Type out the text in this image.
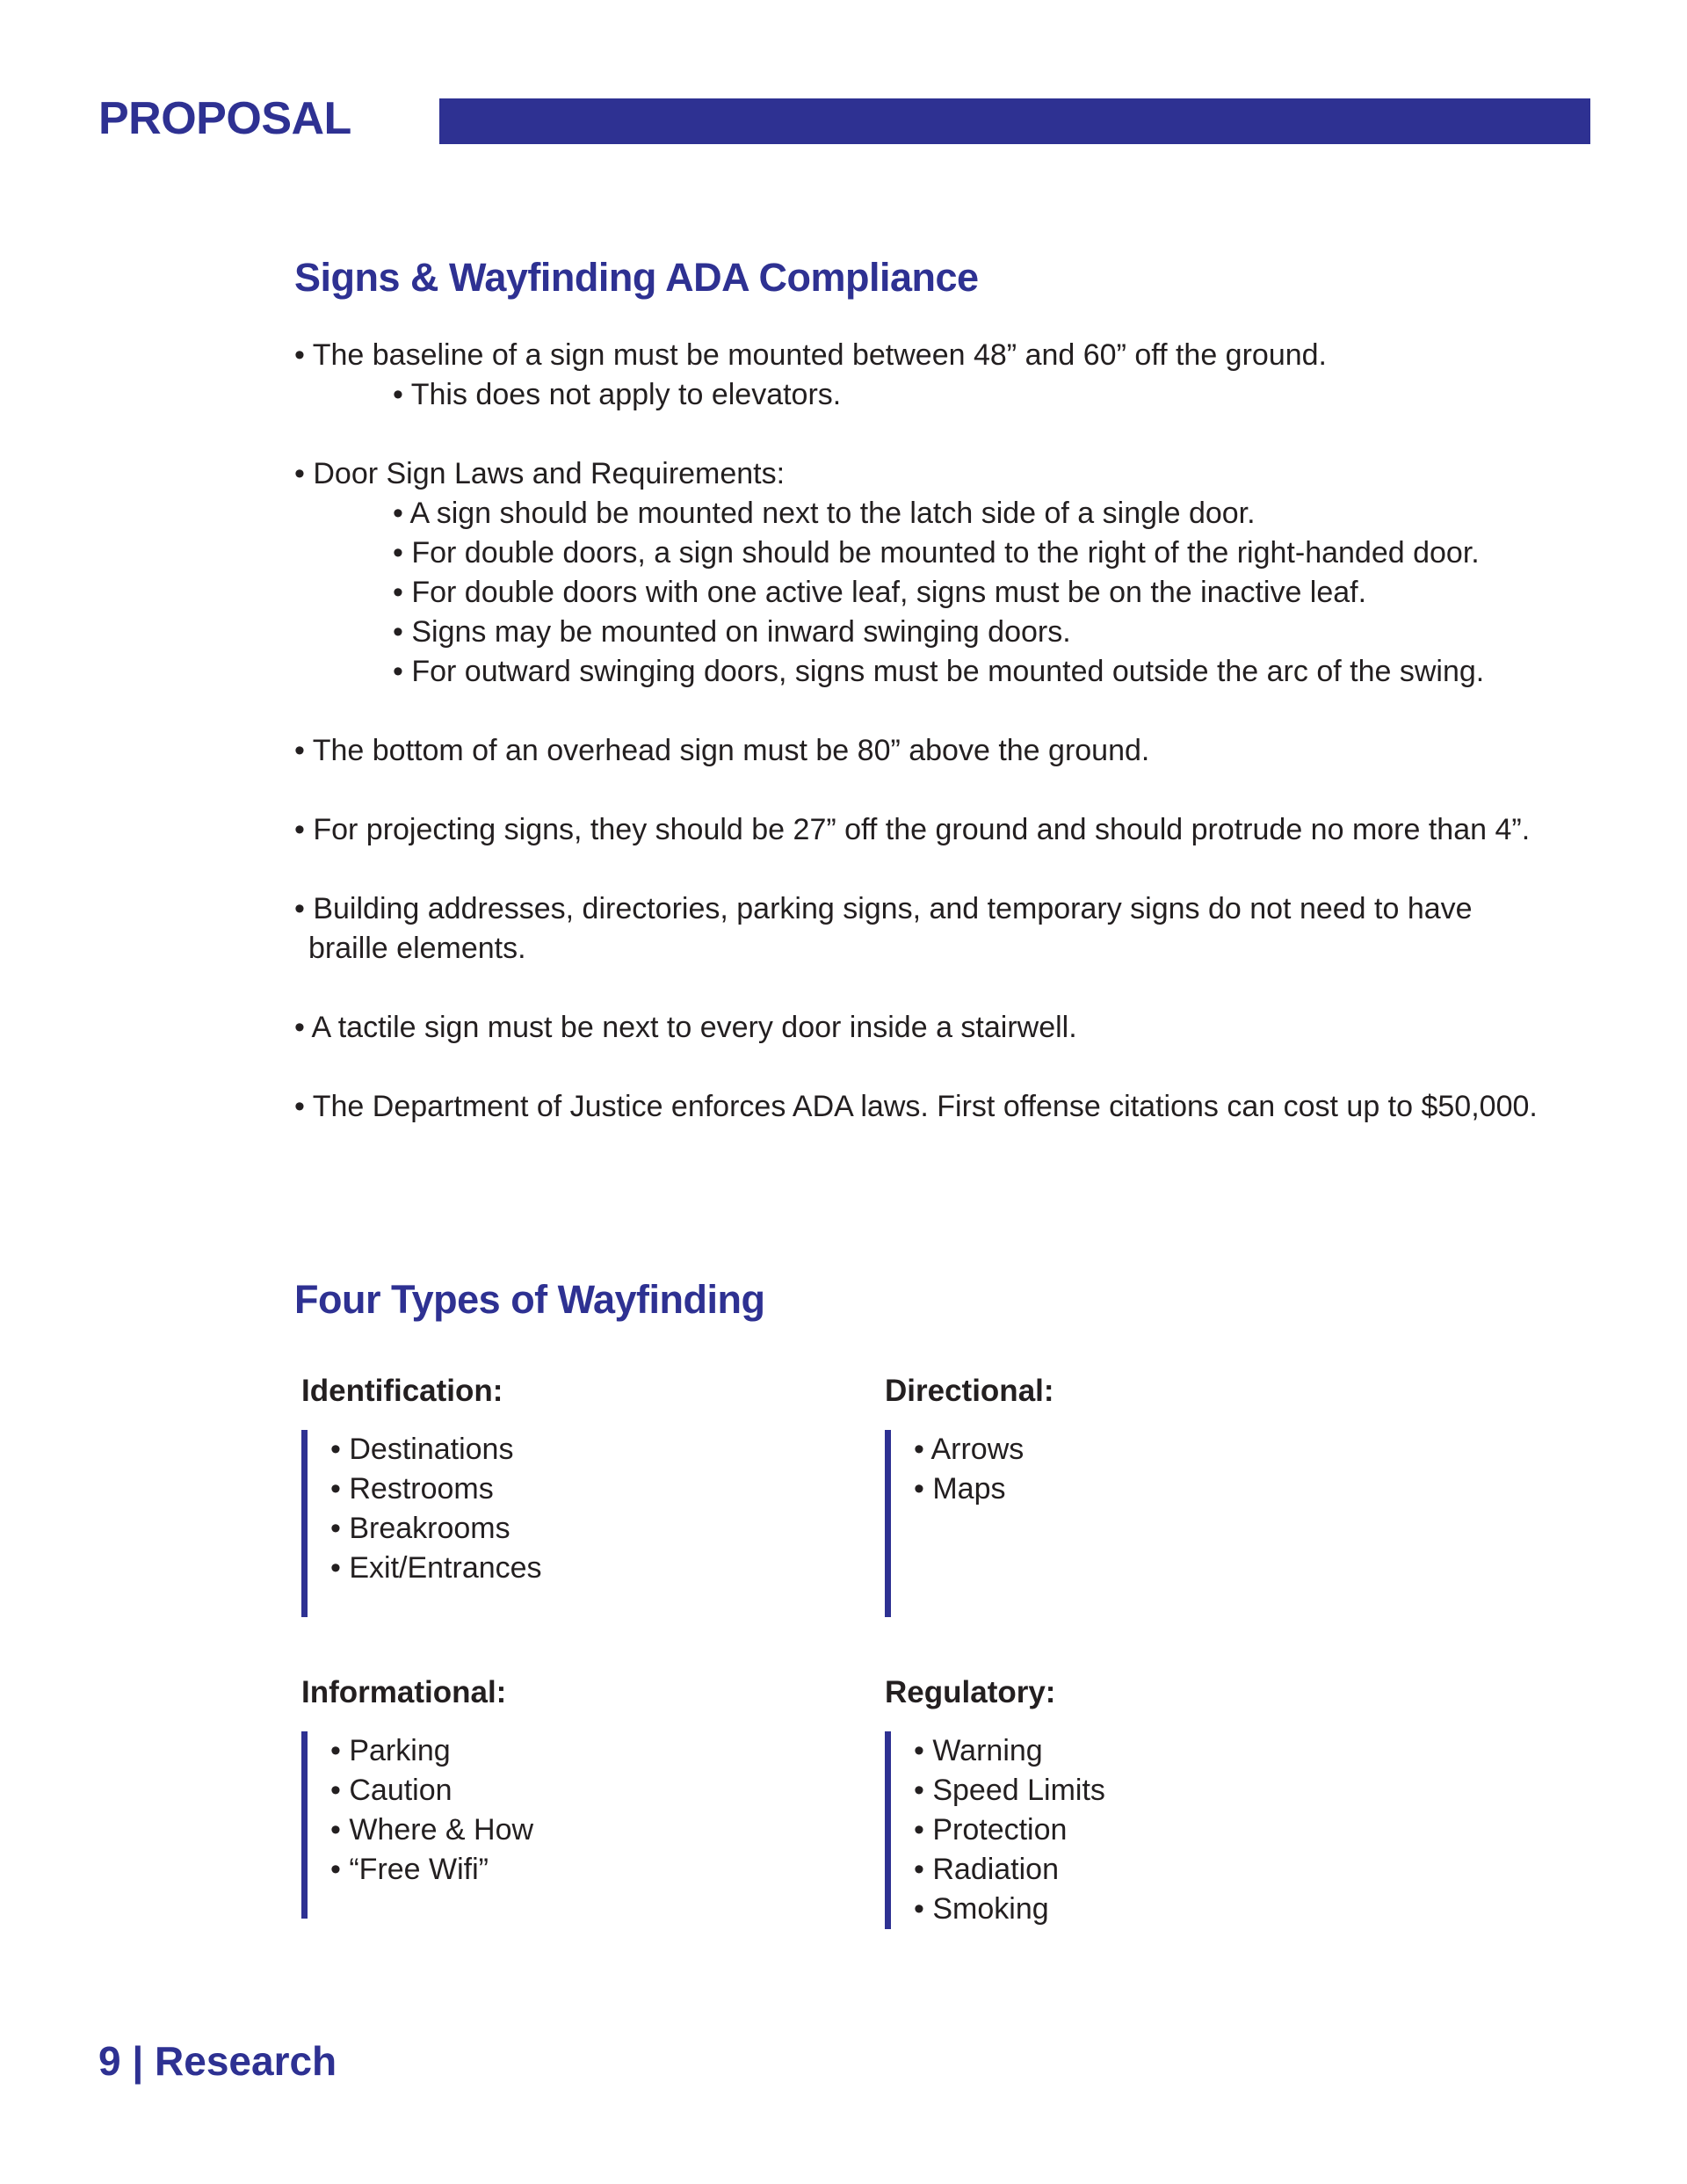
PROPOSAL
Signs & Wayfinding ADA Compliance
• The baseline of a sign must be mounted between 48” and 60” off the ground.
• This does not apply to elevators.
• Door Sign Laws and Requirements:
• A sign should be mounted next to the latch side of a single door.
• For double doors, a sign should be mounted to the right of the right-handed door.
• For double doors with one active leaf, signs must be on the inactive leaf.
• Signs may be mounted on inward swinging doors.
• For outward swinging doors, signs must be mounted outside the arc of the swing.
• The bottom of an overhead sign must be 80” above the ground.
• For projecting signs, they should be 27” off the ground and should protrude no more than 4”.
• Building addresses, directories, parking signs, and temporary signs do not need to have
braille elements.
• A tactile sign must be next to every door inside a stairwell.
• The Department of Justice enforces ADA laws. First offense citations can cost up to $50,000.
Four Types of Wayfinding
Identification:
• Destinations
• Restrooms
• Breakrooms
• Exit/Entrances
Directional:
• Arrows
• Maps
Informational:
• Parking
• Caution
• Where & How
• “Free Wifi”
Regulatory:
• Warning
• Speed Limits
• Protection
• Radiation
• Smoking
9 | Research
